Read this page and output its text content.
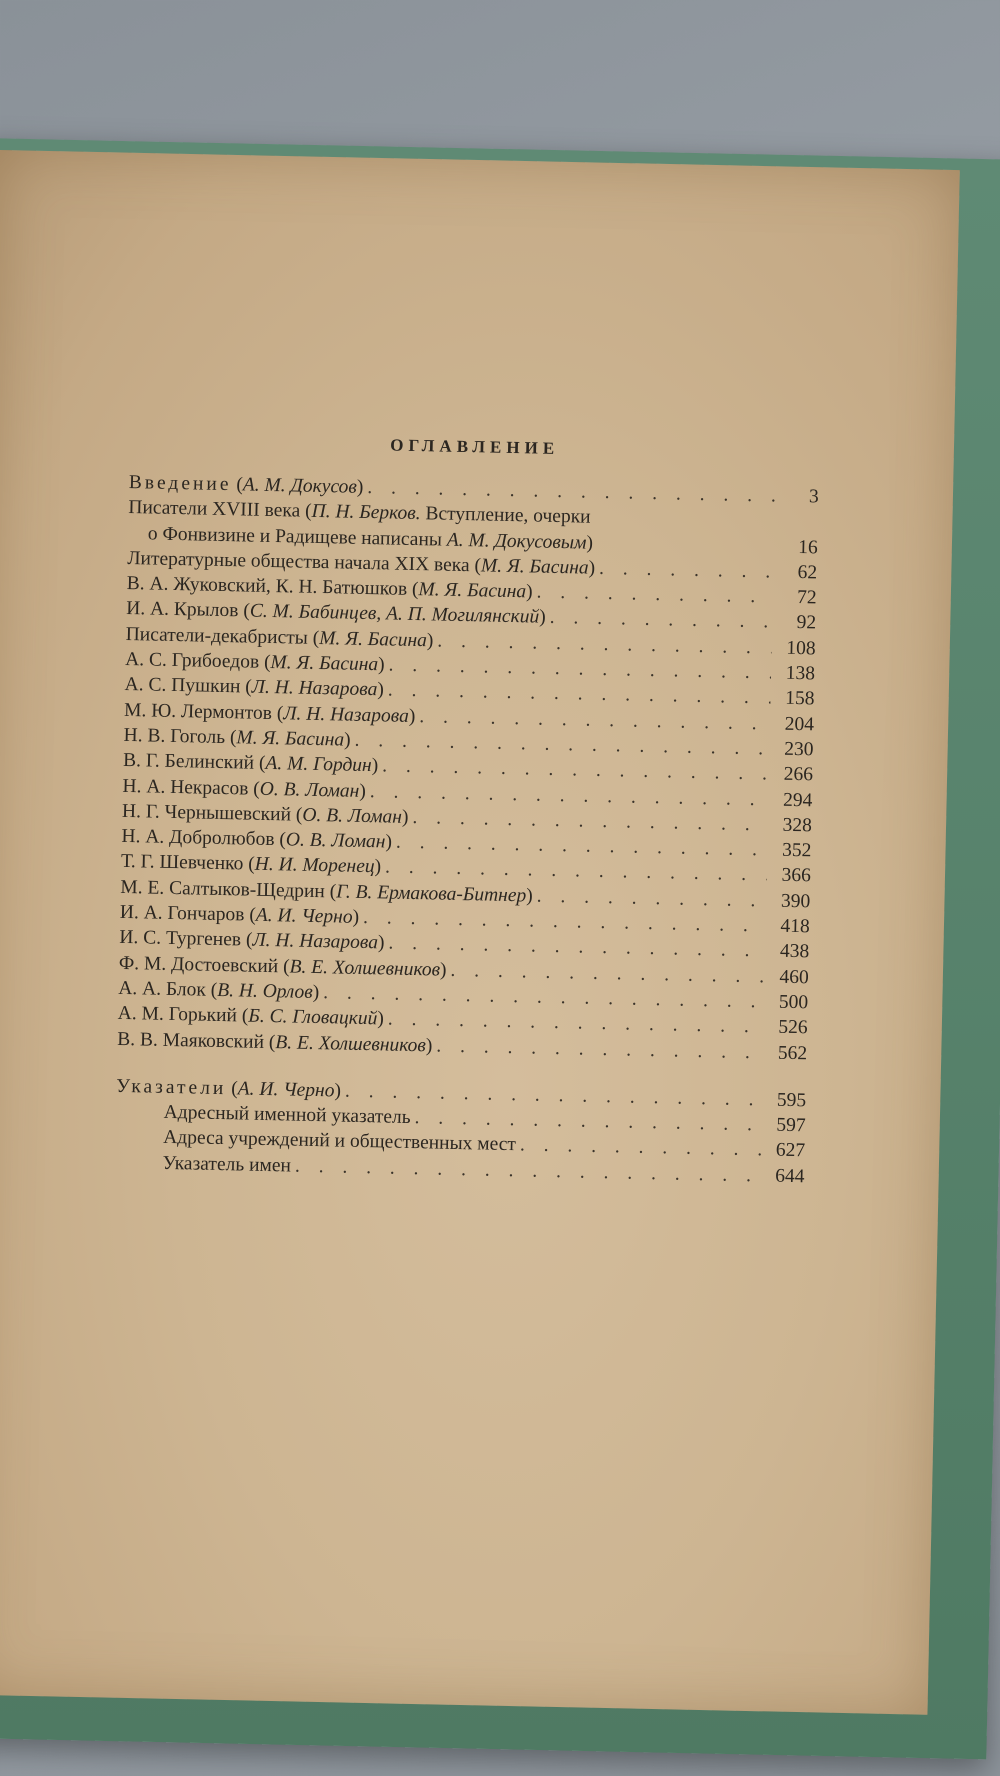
ОГЛАВЛЕНИЕ
Введение (А. М. Докусов) . . .	3
Писатели XVIII века (П. Н. Берков. Вступление, очерки
о Фонвизине и Радищеве написаны А. М. Докусовым)	16
Литературные общества начала XIX века (М. Я. Басина) . . .	62
В. А. Жуковский, К. Н. Батюшков (М. Я. Басина) . . .	72
И. А. Крылов (С. М. Бабинцев, А. П. Могилянский) . . .	92
Писатели-декабристы (М. Я. Басина) . . .	108
А. С. Грибоедов (М. Я. Басина) . . .	138
А. С. Пушкин (Л. Н. Назарова) . . .	158
М. Ю. Лермонтов (Л. Н. Назарова) . . .	204
Н. В. Гоголь (М. Я. Басина) . . .	230
В. Г. Белинский (А. М. Гордин) . . .	266
Н. А. Некрасов (О. В. Ломан) . . .	294
Н. Г. Чернышевский (О. В. Ломан) . . .	328
Н. А. Добролюбов (О. В. Ломан) . . .	352
Т. Г. Шевченко (Н. И. Моренец) . . .	366
М. Е. Салтыков-Щедрин (Г. В. Ермакова-Битнер) . . .	390
И. А. Гончаров (А. И. Черно) . . .	418
И. С. Тургенев (Л. Н. Назарова) . . .	438
Ф. М. Достоевский (В. Е. Холшевников) . . .	460
А. А. Блок (В. Н. Орлов) . . .	500
А. М. Горький (Б. С. Гловацкий) . . .	526
В. В. Маяковский (В. Е. Холшевников) . . .	562
Указатели (А. И. Черно) . . .	595
Адресный именной указатель . . .	597
Адреса учреждений и общественных мест . . .	627
Указатель имен . . .	644
